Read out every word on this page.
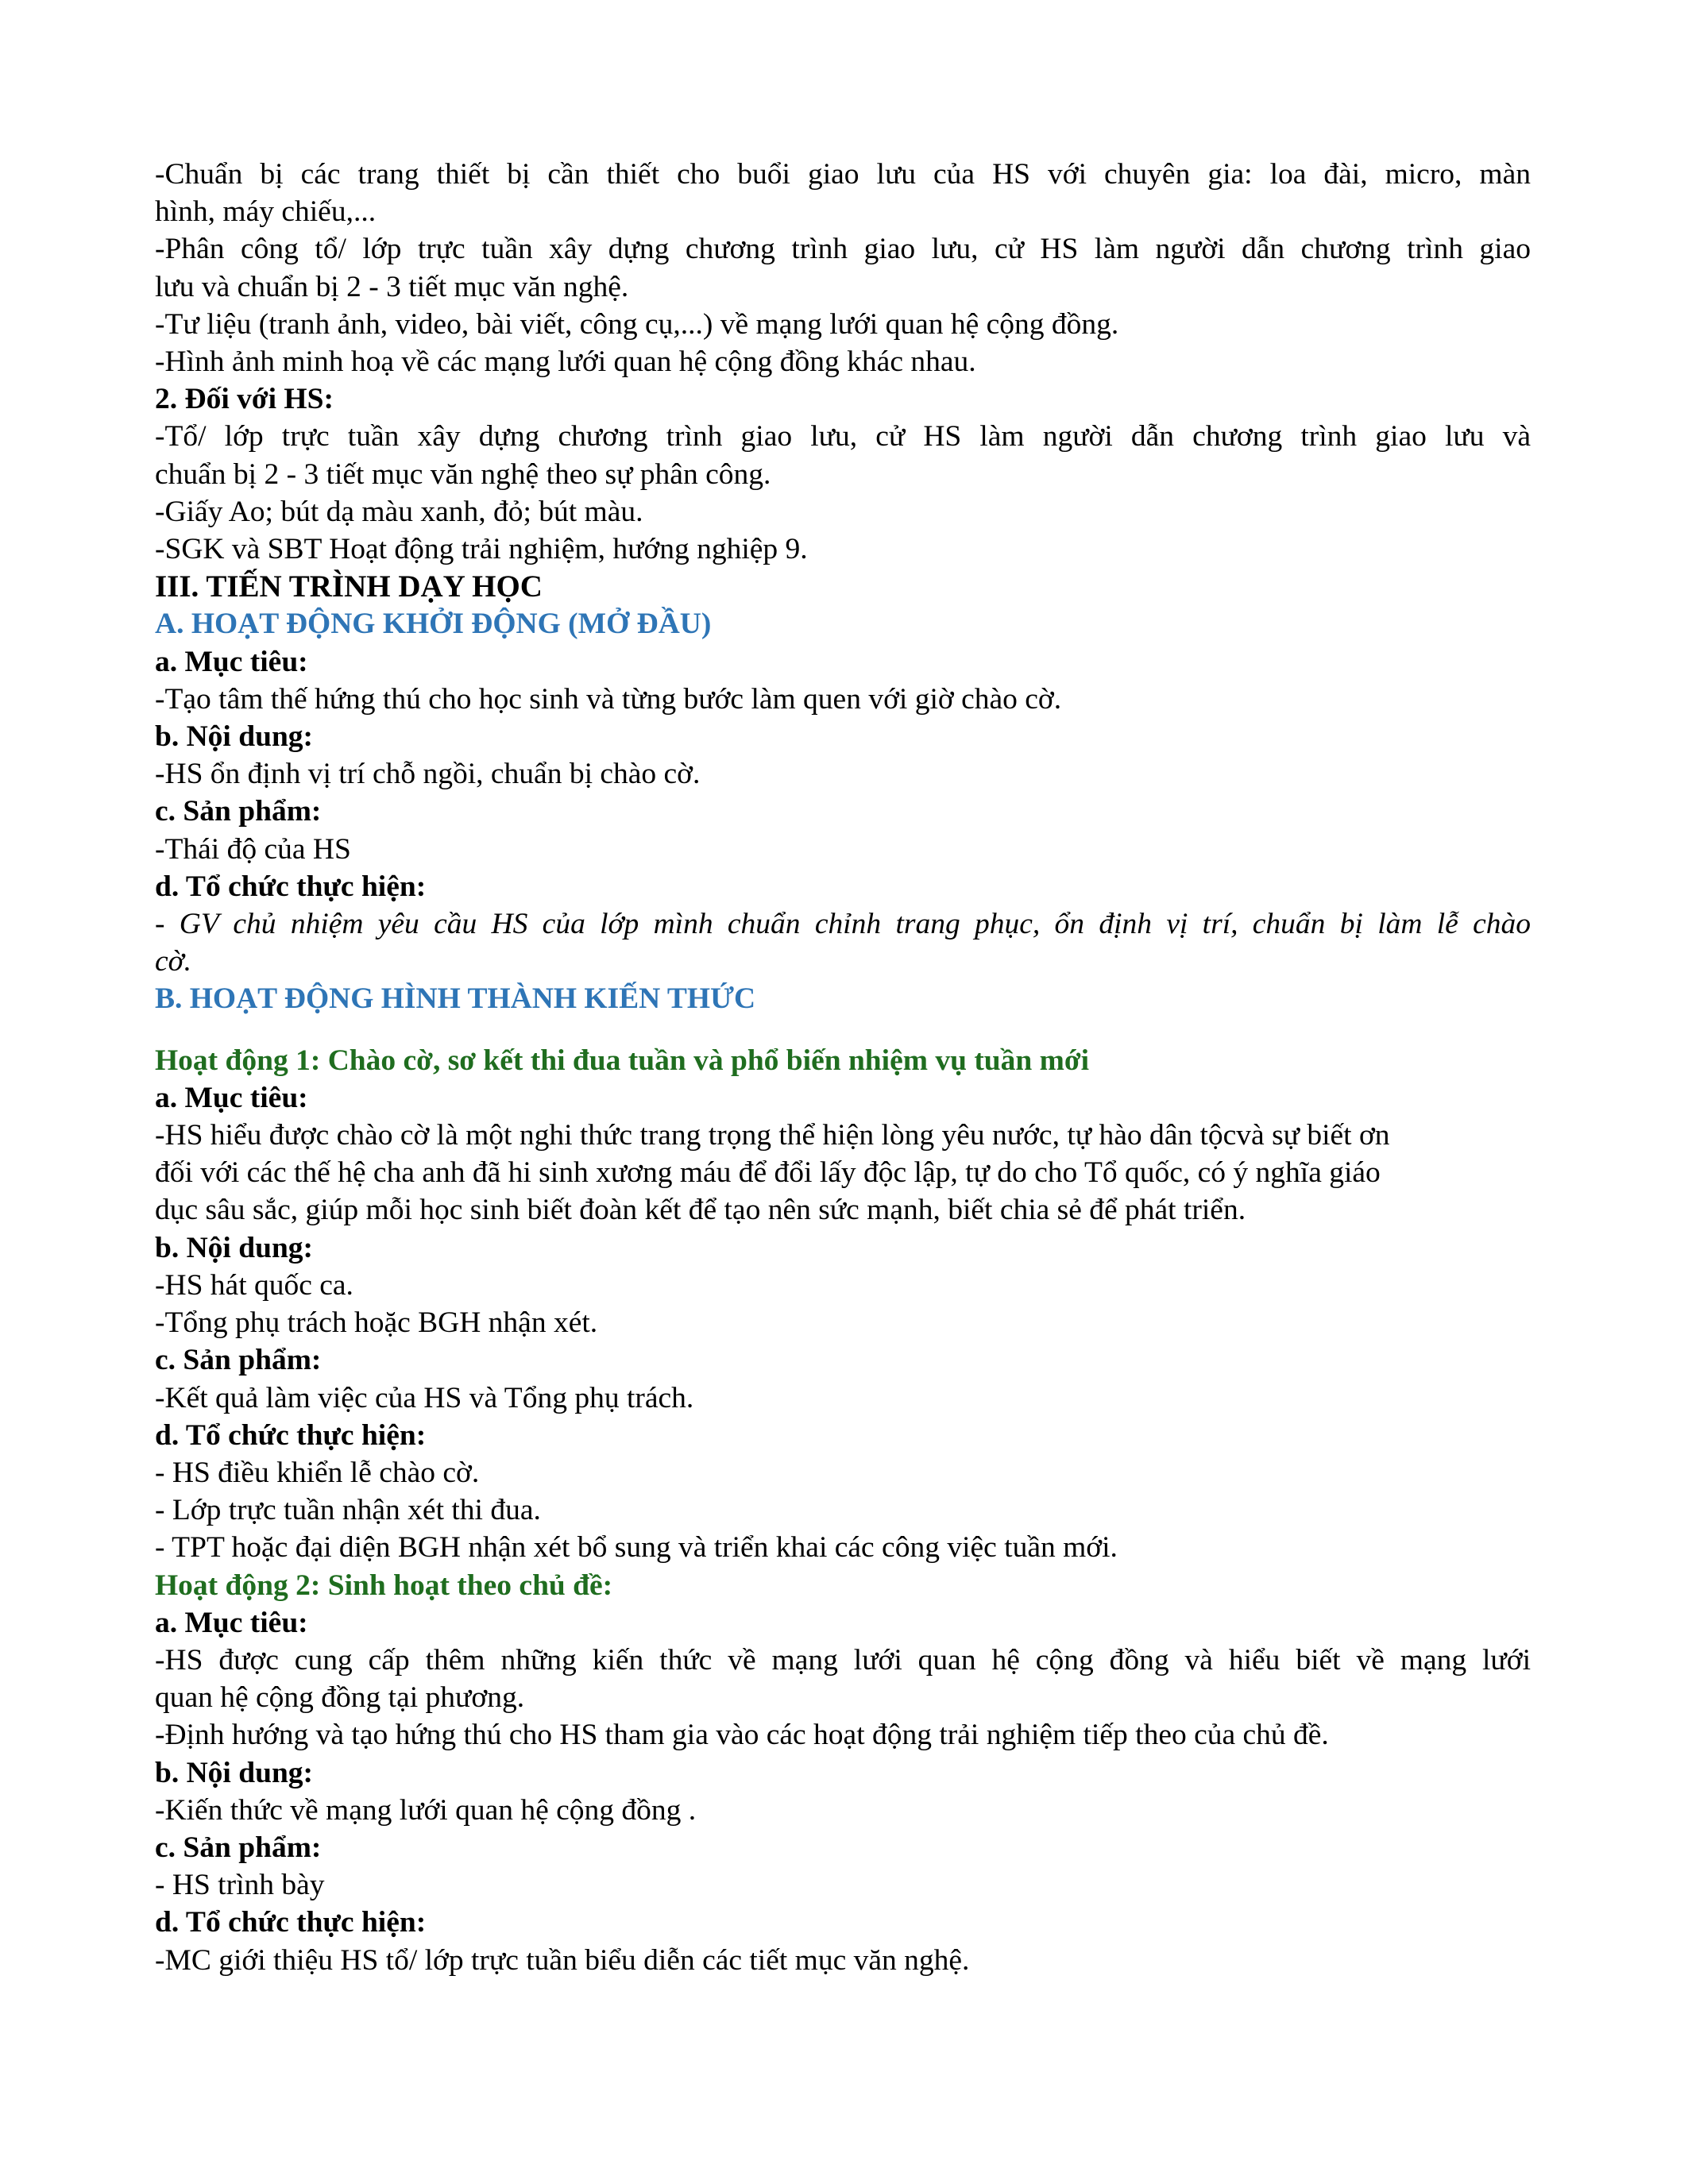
-Chuẩn bị các trang thiết bị cần thiết cho buổi giao lưu của HS với chuyên gia: loa đài, micro, màn
hình, máy chiếu,...
-Phân công tổ/ lớp trực tuần xây dựng chương trình giao lưu, cử HS làm người dẫn chương trình giao
lưu và chuẩn bị 2 - 3 tiết mục văn nghệ.
-Tư liệu (tranh ảnh, video, bài viết, công cụ,...) về mạng lưới quan hệ cộng đồng.
-Hình ảnh minh hoạ về các mạng lưới quan hệ cộng đồng khác nhau.
2. Đối với HS:
-Tổ/ lớp trực tuần xây dựng chương trình giao lưu, cử HS làm người dẫn chương trình giao lưu và
chuẩn bị 2 - 3 tiết mục văn nghệ theo sự phân công.
-Giấy Ao; bút dạ màu xanh, đỏ; bút màu.
-SGK và SBT Hoạt động trải nghiệm, hướng nghiệp 9.
III. TIẾN TRÌNH DẠY HỌC
A. HOẠT ĐỘNG KHỞI ĐỘNG (MỞ ĐẦU)
a. Mục tiêu:
-Tạo tâm thế hứng thú cho học sinh và từng bước làm quen với giờ chào cờ.
b. Nội dung:
-HS ổn định vị trí chỗ ngồi, chuẩn bị chào cờ.
c. Sản phẩm:
-Thái độ của HS
d. Tổ chức thực hiện:
- GV chủ nhiệm yêu cầu HS của lớp mình chuẩn chỉnh trang phục, ổn định vị trí, chuẩn bị làm lễ chào
cờ.
B. HOẠT ĐỘNG HÌNH THÀNH KIẾN THỨC
Hoạt động 1: Chào cờ, sơ kết thi đua tuần và phổ biến nhiệm vụ tuần mới
a. Mục tiêu:
-HS hiểu được chào cờ là một nghi thức trang trọng thể hiện lòng yêu nước, tự hào dân tộcvà sự biết ơn
đối với các thế hệ cha anh đã hi sinh xương máu để đổi lấy độc lập, tự do cho Tổ quốc, có ý nghĩa giáo
dục sâu sắc, giúp mỗi học sinh biết đoàn kết để tạo nên sức mạnh, biết chia sẻ để phát triển.
b. Nội dung:
-HS hát quốc ca.
-Tổng phụ trách hoặc BGH nhận xét.
c. Sản phẩm:
-Kết quả làm việc của HS và Tổng phụ trách.
d. Tổ chức thực hiện:
- HS điều khiển lễ chào cờ.
- Lớp trực tuần nhận xét thi đua.
- TPT hoặc đại diện BGH nhận xét bổ sung và triển khai các công việc tuần mới.
Hoạt động 2: Sinh hoạt theo chủ đề:
a. Mục tiêu:
-HS được cung cấp thêm những kiến thức về mạng lưới quan hệ cộng đồng và hiểu biết về mạng lưới
quan hệ cộng đồng tại phương.
-Định hướng và tạo hứng thú cho HS tham gia vào các hoạt động trải nghiệm tiếp theo của chủ đề.
b. Nội dung:
-Kiến thức về mạng lưới quan hệ cộng đồng .
c. Sản phẩm:
- HS trình bày
d. Tổ chức thực hiện:
-MC giới thiệu HS tổ/ lớp trực tuần biểu diễn các tiết mục văn nghệ.
